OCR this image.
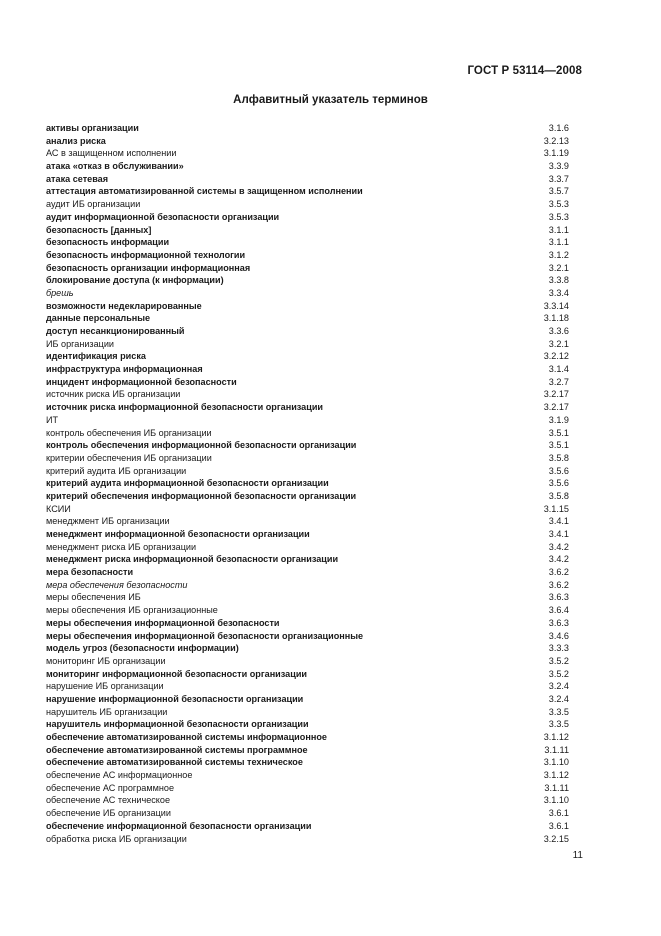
ГОСТ Р 53114—2008
Алфавитный указатель терминов
активы организации	3.1.6
анализ риска	3.2.13
АС в защищенном исполнении	3.1.19
атака «отказ в обслуживании»	3.3.9
атака сетевая	3.3.7
аттестация автоматизированной системы в защищенном исполнении	3.5.7
аудит ИБ организации	3.5.3
аудит информационной безопасности организации	3.5.3
безопасность [данных]	3.1.1
безопасность информации	3.1.1
безопасность информационной технологии	3.1.2
безопасность организации информационная	3.2.1
блокирование доступа (к информации)	3.3.8
брешь	3.3.4
возможности недекларированные	3.3.14
данные персональные	3.1.18
доступ несанкционированный	3.3.6
ИБ организации	3.2.1
идентификация риска	3.2.12
инфраструктура информационная	3.1.4
инцидент информационной безопасности	3.2.7
источник риска ИБ организации	3.2.17
источник риска информационной безопасности организации	3.2.17
ИТ	3.1.9
контроль обеспечения ИБ организации	3.5.1
контроль обеспечения информационной безопасности организации	3.5.1
критерии обеспечения ИБ организации	3.5.8
критерий аудита ИБ организации	3.5.6
критерий аудита информационной безопасности организации	3.5.6
критерий обеспечения информационной безопасности организации	3.5.8
КСИИ	3.1.15
менеджмент ИБ организации	3.4.1
менеджмент информационной безопасности организации	3.4.1
менеджмент риска ИБ организации	3.4.2
менеджмент риска информационной безопасности организации	3.4.2
мера безопасности	3.6.2
мера обеспечения безопасности	3.6.2
меры обеспечения ИБ	3.6.3
меры обеспечения ИБ организационные	3.6.4
меры обеспечения информационной безопасности	3.6.3
меры обеспечения информационной безопасности организационные	3.4.6
модель угроз (безопасности информации)	3.3.3
мониторинг ИБ организации	3.5.2
мониторинг информационной безопасности организации	3.5.2
нарушение ИБ организации	3.2.4
нарушение информационной безопасности организации	3.2.4
нарушитель ИБ организации	3.3.5
нарушитель информационной безопасности организации	3.3.5
обеспечение автоматизированной системы информационное	3.1.12
обеспечение автоматизированной системы программное	3.1.11
обеспечение автоматизированной системы техническое	3.1.10
обеспечение АС информационное	3.1.12
обеспечение АС программное	3.1.11
обеспечение АС техническое	3.1.10
обеспечение ИБ организации	3.6.1
обеспечение информационной безопасности организации	3.6.1
обработка риска ИБ организации	3.2.15
11
